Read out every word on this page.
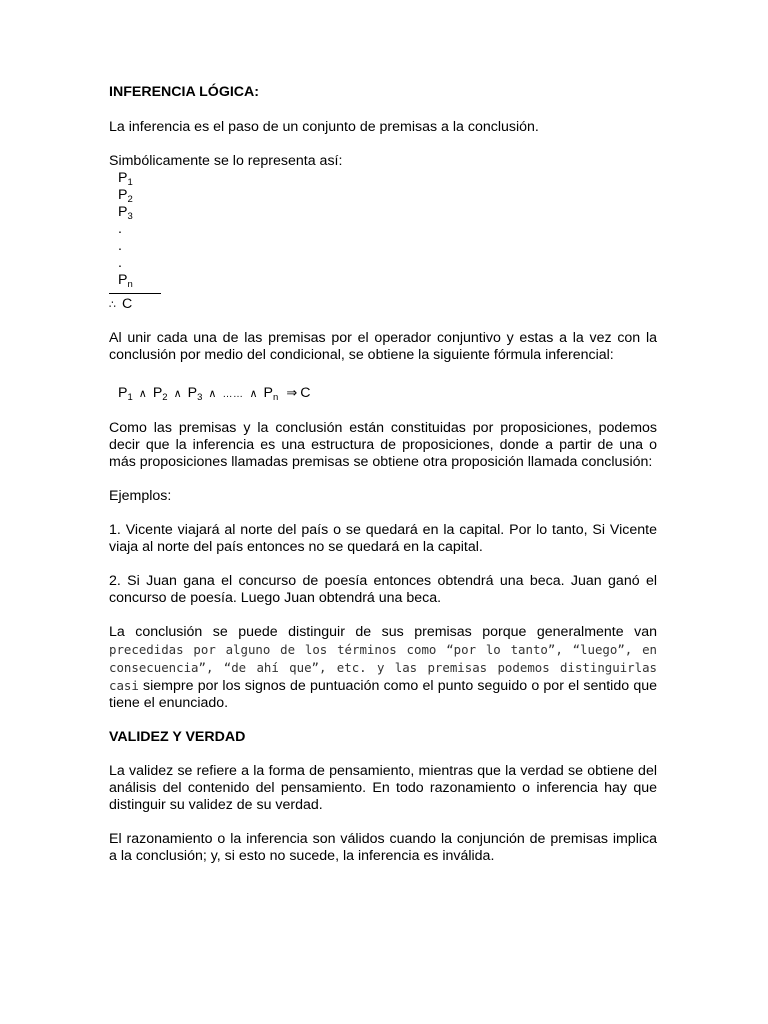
INFERENCIA LÓGICA:

La inferencia es el paso de un conjunto de premisas a la conclusión.

Simbólicamente se lo representa así:

$P_1$
$P_2$
$P_3$
.
.
.
$P_n$
∴ C

Al unir cada una de las premisas por el operador conjuntivo y estas a la vez con la conclusión por medio del condicional, se obtiene la siguiente fórmula inferencial:

$P_1$ ∧ $P_2$ ∧ $P_3$ ∧ …… ∧ $P_n$ ⇒ C

Como las premisas y la conclusión están constituidas por proposiciones, podemos decir que la inferencia es una estructura de proposiciones, donde a partir de una o más proposiciones llamadas premisas se obtiene otra proposición llamada conclusión:

Ejemplos:

1. Vicente viajará al norte del país o se quedará en la capital. Por lo tanto, Si Vicente viaja al norte del país entonces no se quedará en la capital.

2. Si Juan gana el concurso de poesía entonces obtendrá una beca. Juan ganó el concurso de poesía. Luego Juan obtendrá una beca.

La conclusión se puede distinguir de sus premisas porque generalmente van precedidas por alguno de los términos como “por lo tanto”, “luego”, en consecuencia”, “de ahí que”, etc. y las premisas podemos distinguirlas casi siempre por los signos de puntuación como el punto seguido o por el sentido que tiene el enunciado.

VALIDEZ Y VERDAD

La validez se refiere a la forma de pensamiento, mientras que la verdad se obtiene del análisis del contenido del pensamiento. En todo razonamiento o inferencia hay que distinguir su validez de su verdad.

El razonamiento o la inferencia son válidos cuando la conjunción de premisas implica a la conclusión; y, si esto no sucede, la inferencia es inválida.
